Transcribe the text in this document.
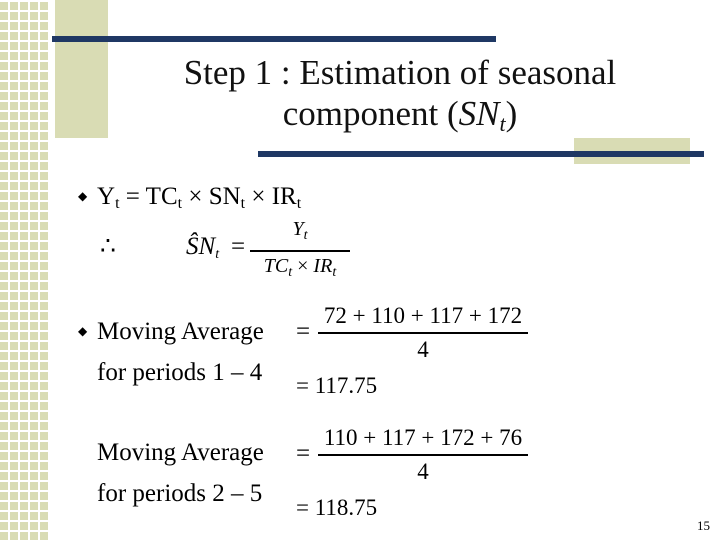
Step 1 : Estimation of seasonal
component $(SN_t)$
◆ Yt = TCt × SNt × IRt
∴	ŜNt =
$Y_t$
$TC_t \times IR_t$
◆ Moving Average
for periods 1 – 4
=
72 + 110 + 117 + 172
4
= 117.75
Moving Average
for periods 2 – 5
=
110 + 117 + 172 + 76
4
= 118.75
15
